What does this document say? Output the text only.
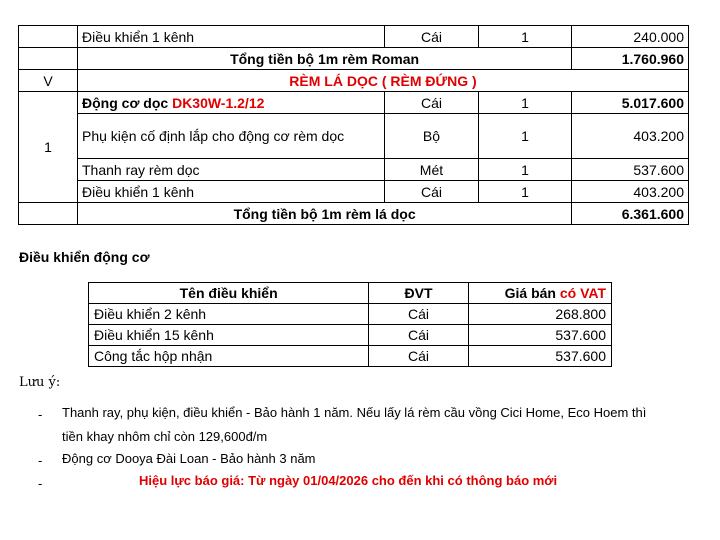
	Điều khiển 1 kênh	Cái	1	240.000
	Tổng tiền bộ 1m rèm Roman			1.760.960
V	RÈM LÁ DỌC ( RÈM ĐỨNG )			
1	Động cơ dọc DK30W-1.2/12	Cái	1	5.017.600
	Phụ kiện cố định lắp cho động cơ rèm dọc	Bộ	1	403.200
	Thanh ray rèm dọc	Mét	1	537.600
	Điều khiển 1 kênh	Cái	1	403.200
	Tổng tiền bộ 1m rèm lá dọc			6.361.600
Điều khiển động cơ
Tên điều khiển	ĐVT	Giá bán có VAT
Điều khiển 2 kênh	Cái	268.800
Điều khiển 15 kênh	Cái	537.600
Công tắc hộp nhận	Cái	537.600
Lưu ý:
- Thanh ray, phụ kiện, điều khiển - Bảo hành 1 năm. Nếu lấy lá rèm cầu vồng Cici Home, Eco Hoem thì
tiền khay nhôm chỉ còn 129,600đ/m
- Động cơ Dooya Đài Loan - Bảo hành 3 năm
-	Hiệu lực báo giá: Từ ngày 01/04/2026 cho đến khi có thông báo mới
